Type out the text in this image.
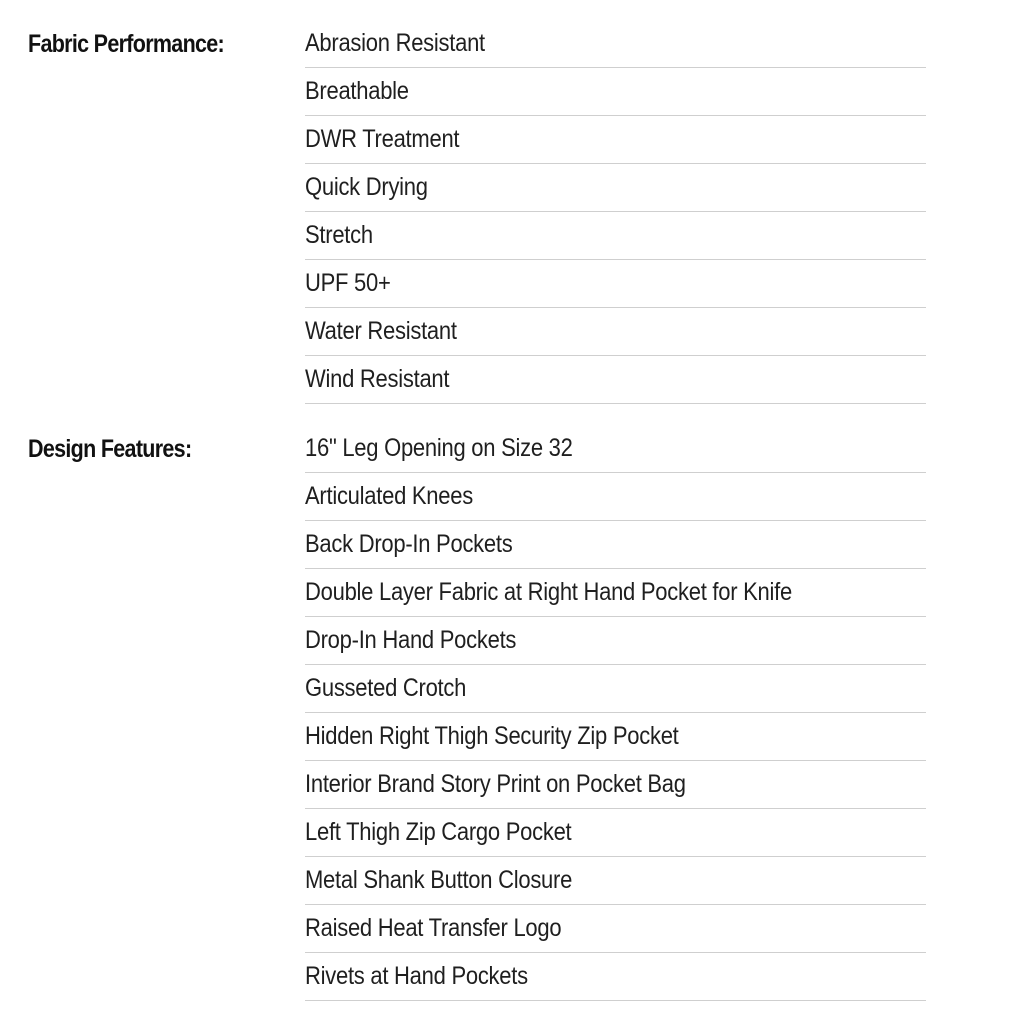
Fabric Performance:	Abrasion Resistant
Breathable
DWR Treatment
Quick Drying
Stretch
UPF 50+
Water Resistant
Wind Resistant
Design Features:	16" Leg Opening on Size 32
Articulated Knees
Back Drop-In Pockets
Double Layer Fabric at Right Hand Pocket for Knife
Drop-In Hand Pockets
Gusseted Crotch
Hidden Right Thigh Security Zip Pocket
Interior Brand Story Print on Pocket Bag
Left Thigh Zip Cargo Pocket
Metal Shank Button Closure
Raised Heat Transfer Logo
Rivets at Hand Pockets
